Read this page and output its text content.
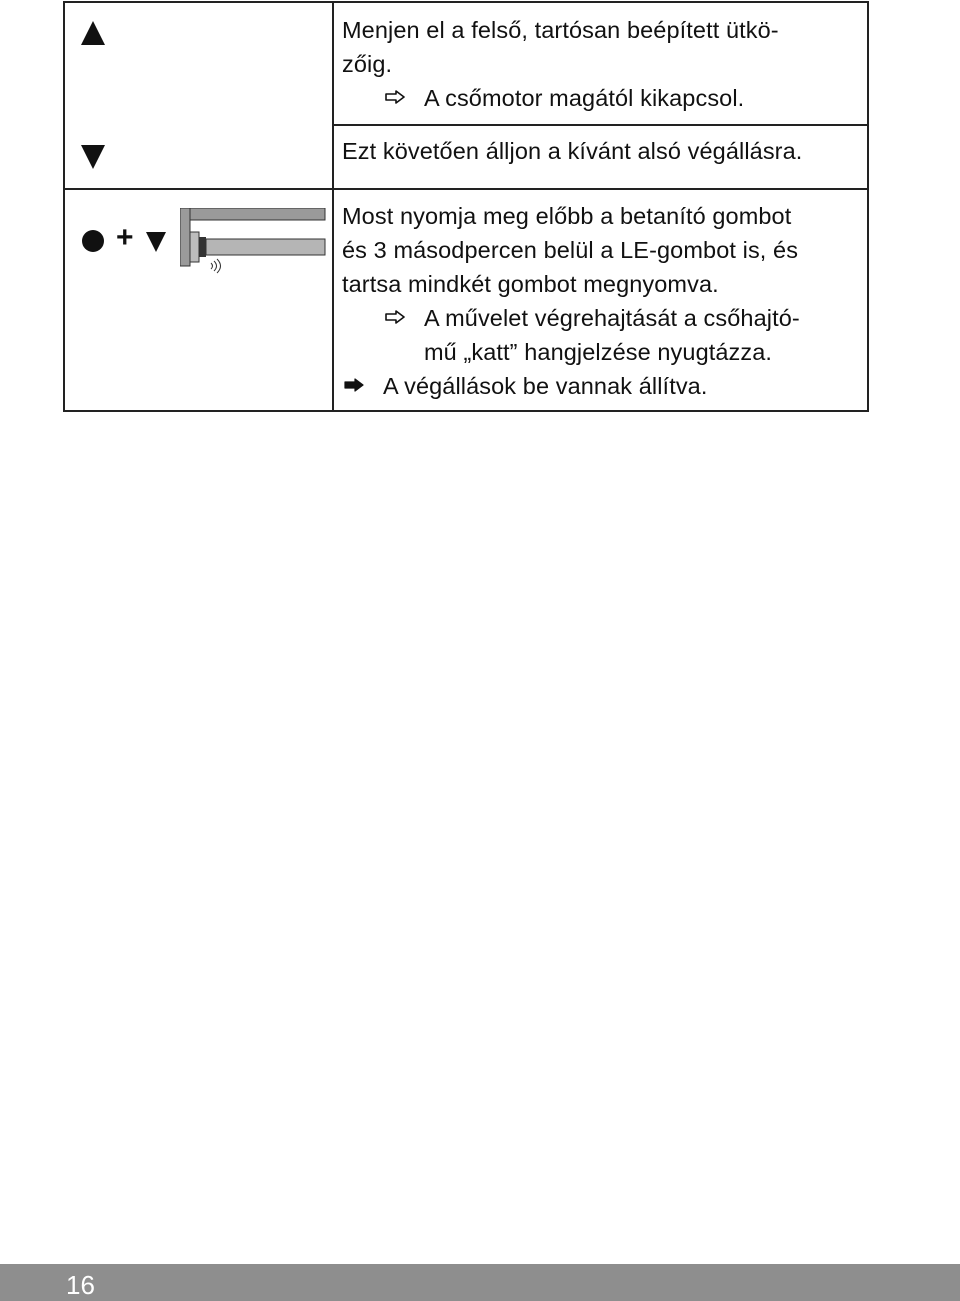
Menjen el a felső, tartósan beépített ütkö-
zőig.
A csőmotor magától kikapcsol.
Ezt követően álljon a kívánt alsó végállásra.
+
Most nyomja meg előbb a betanító gombot
és 3 másodpercen belül a LE-gombot is, és
tartsa mindkét gombot megnyomva.
A művelet végrehajtását a csőhajtó-
mű „katt” hangjelzése nyugtázza.
A végállások be vannak állítva.
16
